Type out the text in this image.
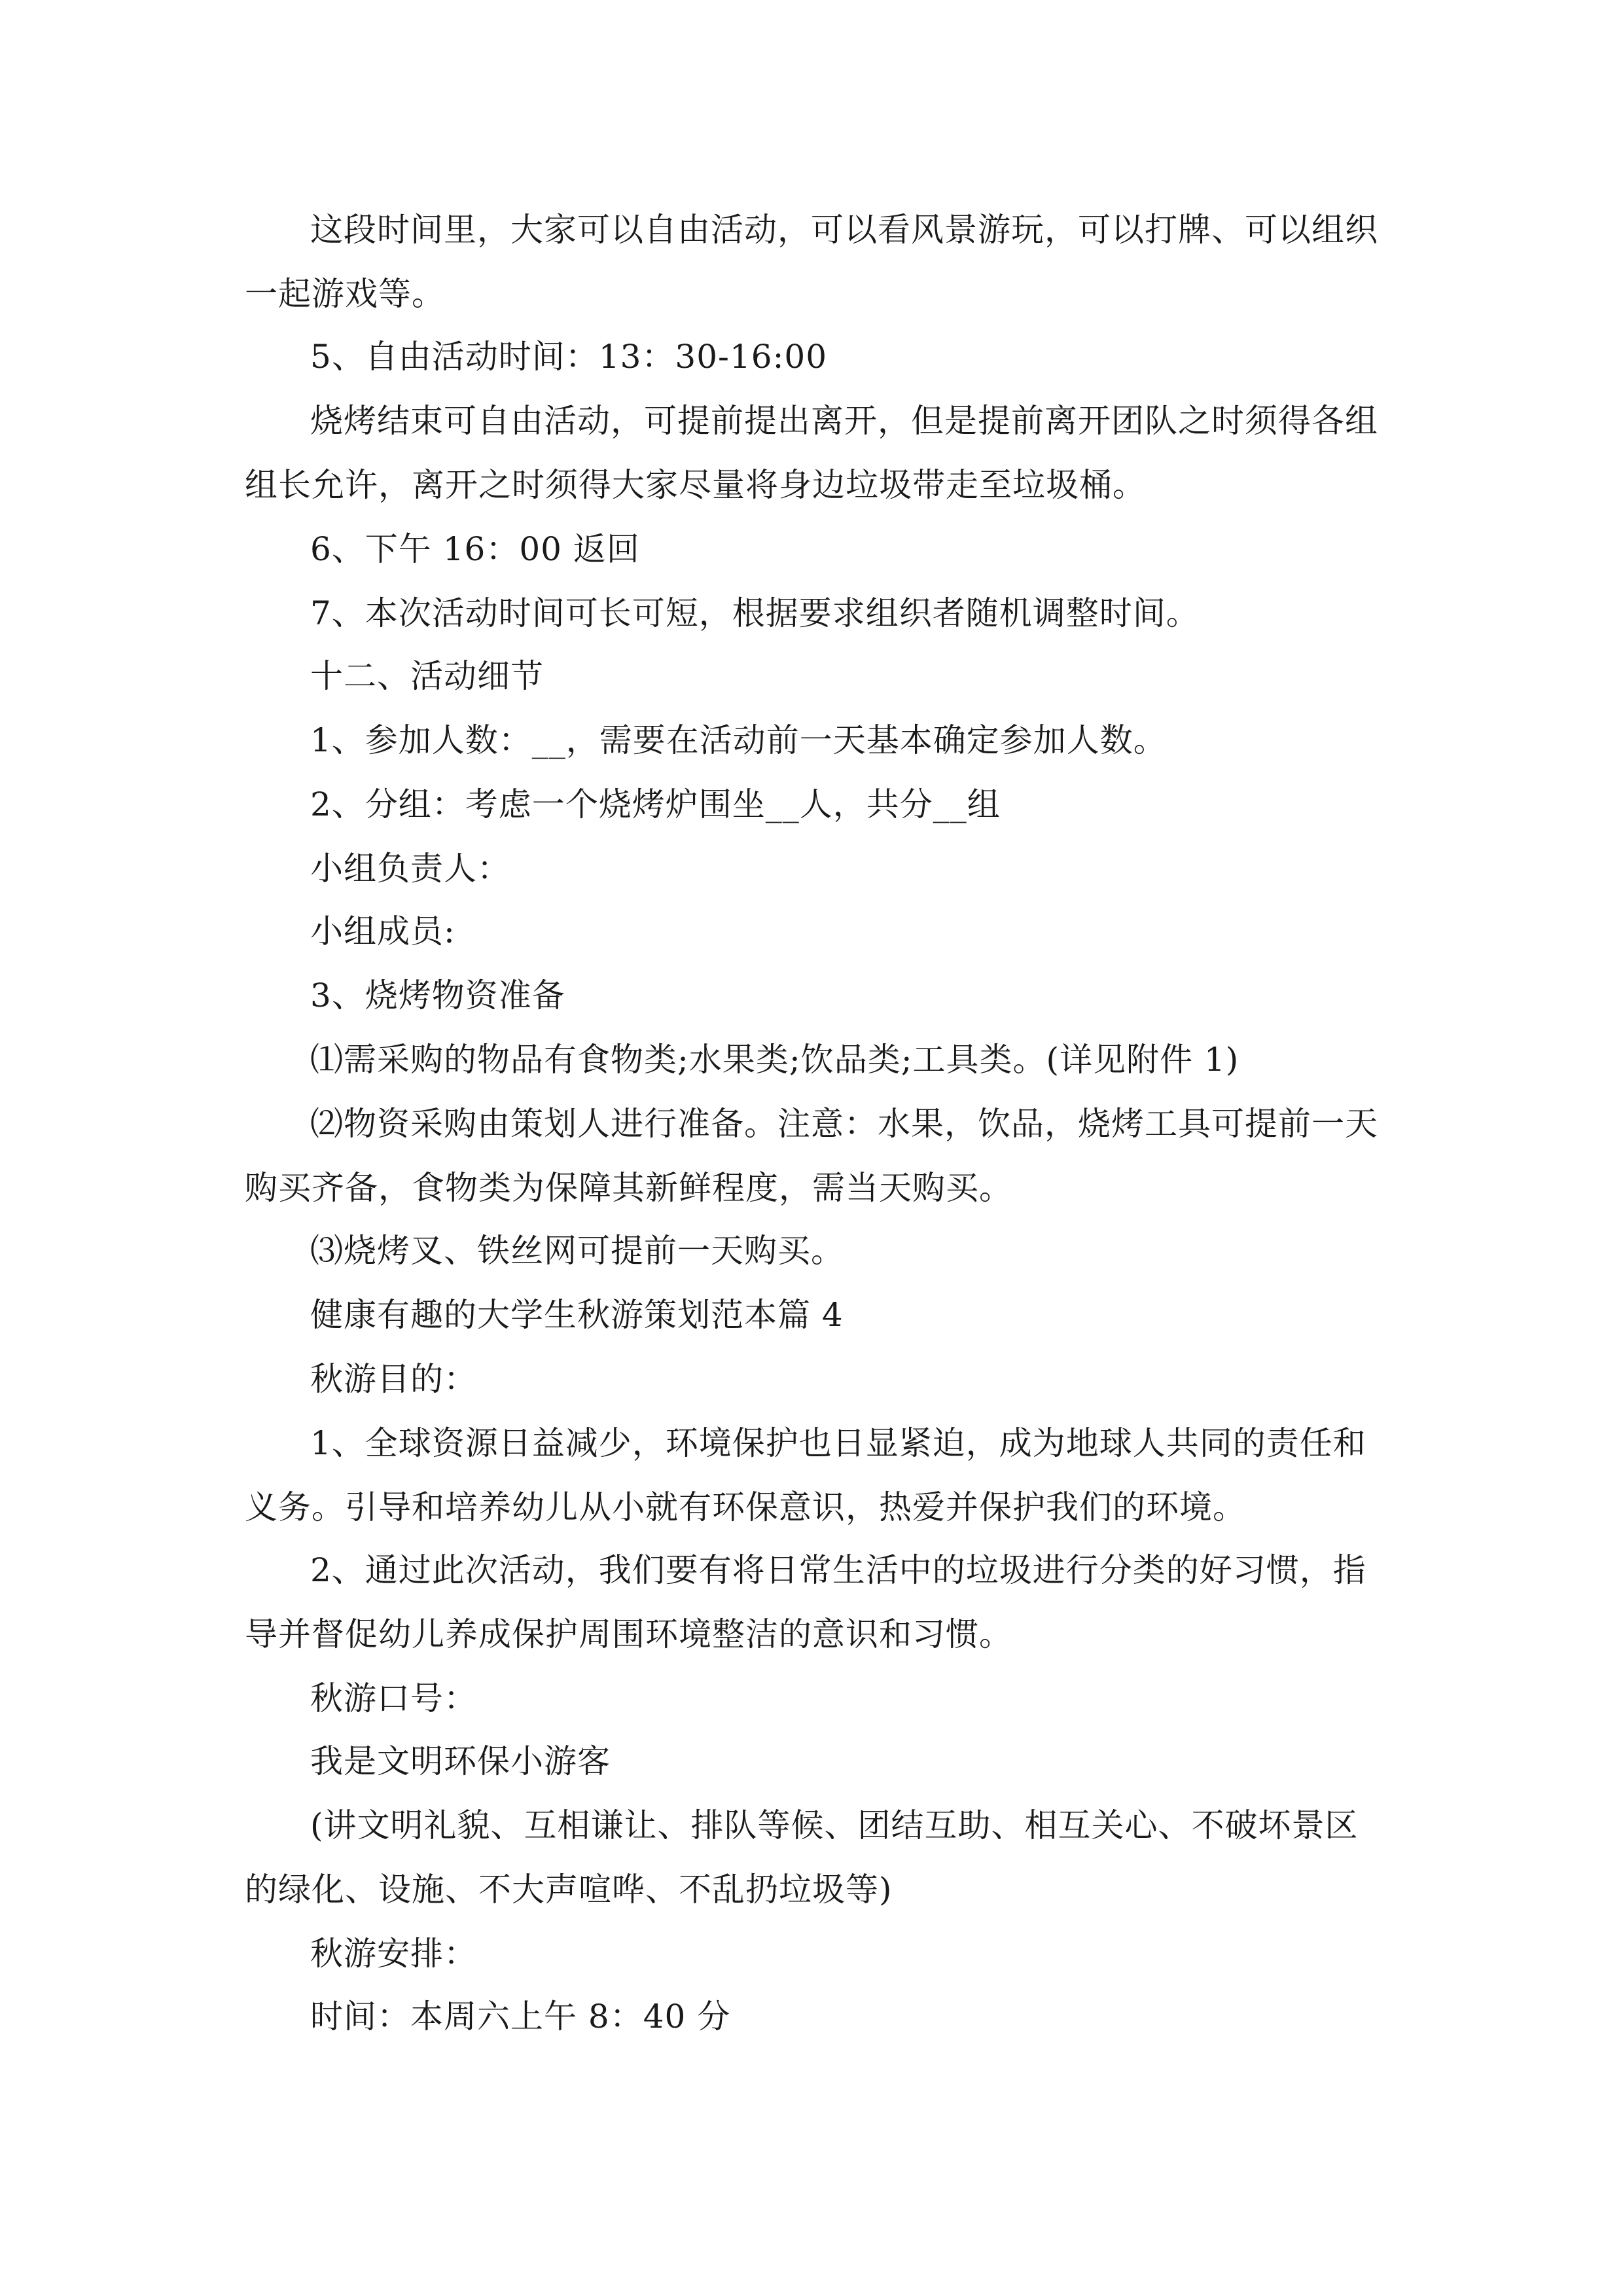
这段时间里，大家可以自由活动，可以看风景游玩，可以打牌、可以组织一起游戏等。

5、自由活动时间：13：30-16:00

烧烤结束可自由活动，可提前提出离开，但是提前离开团队之时须得各组组长允许，离开之时须得大家尽量将身边垃圾带走至垃圾桶。

6、下午 16：00 返回

7、本次活动时间可长可短，根据要求组织者随机调整时间。

十二、活动细节

1、参加人数：__，需要在活动前一天基本确定参加人数。

2、分组：考虑一个烧烤炉围坐__人，共分__组

小组负责人：

小组成员:

3、烧烤物资准备

⑴需采购的物品有食物类;水果类;饮品类;工具类。(详见附件 1)

⑵物资采购由策划人进行准备。注意：水果，饮品，烧烤工具可提前一天购买齐备，食物类为保障其新鲜程度，需当天购买。

⑶烧烤叉、铁丝网可提前一天购买。

健康有趣的大学生秋游策划范本篇 4

秋游目的：

1、全球资源日益减少，环境保护也日显紧迫，成为地球人共同的责任和义务。引导和培养幼儿从小就有环保意识，热爱并保护我们的环境。

2、通过此次活动，我们要有将日常生活中的垃圾进行分类的好习惯，指导并督促幼儿养成保护周围环境整洁的意识和习惯。

秋游口号：

我是文明环保小游客

(讲文明礼貌、互相谦让、排队等候、团结互助、相互关心、不破坏景区的绿化、设施、不大声喧哗、不乱扔垃圾等)

秋游安排：

时间：本周六上午 8：40 分
